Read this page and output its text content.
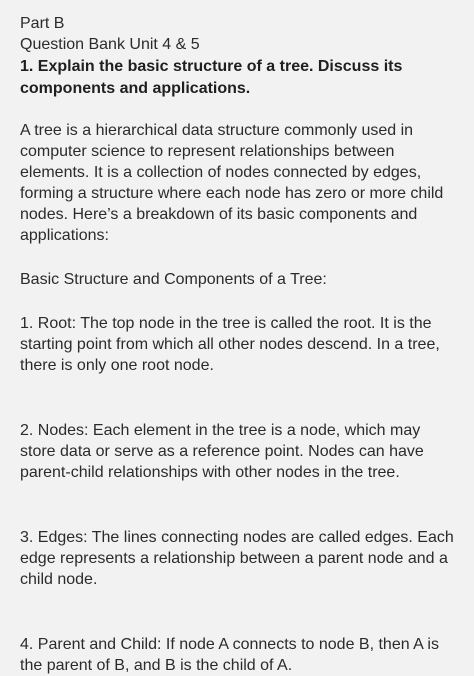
Part B
Question Bank Unit 4 & 5
1. Explain the basic structure of a tree. Discuss its
components and applications.
A tree is a hierarchical data structure commonly used in
computer science to represent relationships between
elements. It is a collection of nodes connected by edges,
forming a structure where each node has zero or more child
nodes. Here’s a breakdown of its basic components and
applications:
Basic Structure and Components of a Tree:
1. Root: The top node in the tree is called the root. It is the
starting point from which all other nodes descend. In a tree,
there is only one root node.
2. Nodes: Each element in the tree is a node, which may
store data or serve as a reference point. Nodes can have
parent-child relationships with other nodes in the tree.
3. Edges: The lines connecting nodes are called edges. Each
edge represents a relationship between a parent node and a
child node.
4. Parent and Child: If node A connects to node B, then A is
the parent of B, and B is the child of A.
